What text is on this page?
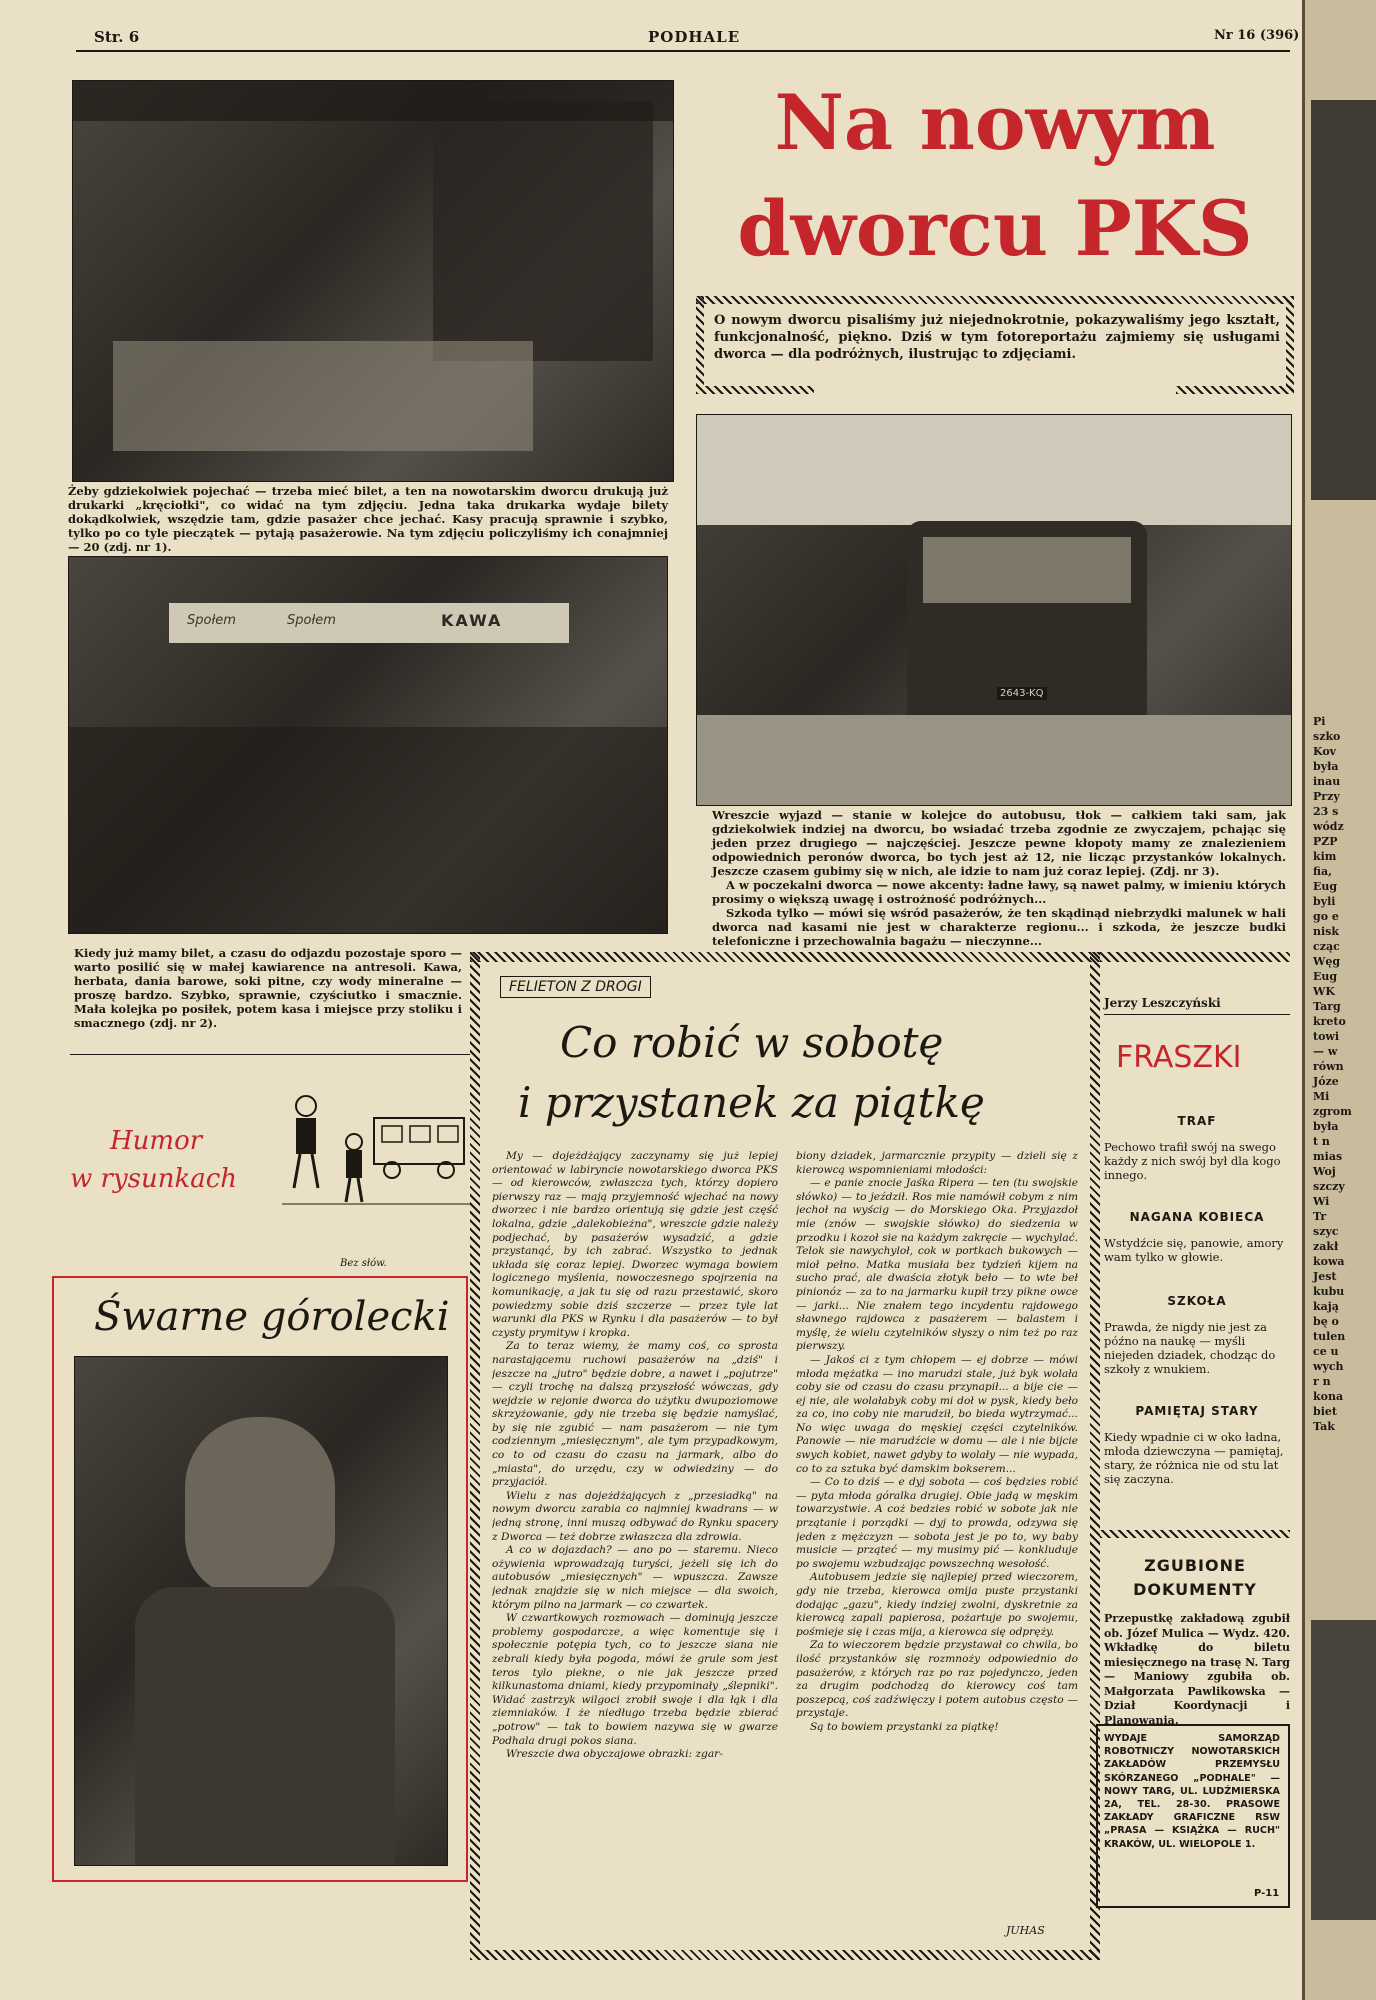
Str. 6	PODHALE	Nr 16 (396)
Żeby gdziekolwiek pojechać — trzeba mieć bilet, a ten na nowotarskim dworcu drukują już drukarki „kręciołki", co widać na tym zdjęciu. Jedna taka drukarka wydaje bilety dokądkolwiek, wszędzie tam, gdzie pasażer chce jechać. Kasy pracują sprawnie i szybko, tylko po co tyle pieczątek — pytają pasażerowie. Na tym zdjęciu policzyliśmy ich conajmniej — 20 (zdj. nr 1).
Społem	Społem	KAWA
Kiedy już mamy bilet, a czasu do odjazdu pozostaje sporo — warto posilić się w małej kawiarence na antresoli. Kawa, herbata, dania barowe, soki pitne, czy wody mineralne — proszę bardzo. Szybko, sprawnie, czyściutko i smacznie. Mała kolejka po posiłek, potem kasa i miejsce przy stoliku i smacznego (zdj. nr 2).
Na nowym
dworcu PKS
O nowym dworcu pisaliśmy już niejednokrotnie, pokazywaliśmy jego kształt, funkcjonalność, piękno. Dziś w tym fotoreportażu zajmiemy się usługami dworca — dla podróżnych, ilustrując to zdjęciami.
2643-KQ
Wreszcie wyjazd — stanie w kolejce do autobusu, tłok — całkiem taki sam, jak gdziekolwiek indziej na dworcu, bo wsiadać trzeba zgodnie ze zwyczajem, pchając się jeden przez drugiego — najczęściej. Jeszcze pewne kłopoty mamy ze znalezieniem odpowiednich peronów dworca, bo tych jest aż 12, nie licząc przystanków lokalnych. Jeszcze czasem gubimy się w nich, ale idzie to nam już coraz lepiej. (Zdj. nr 3).
A w poczekalni dworca — nowe akcenty: ładne ławy, są nawet palmy, w imieniu których prosimy o większą uwagę i ostrożność podróżnych...
Szkoda tylko — mówi się wśród pasażerów, że ten skądinąd niebrzydki malunek w hali dworca nad kasami nie jest w charakterze regionu... i szkoda, że jeszcze budki telefoniczne i przechowalnia bagażu — nieczynne...
Humor
w rysunkach
Bez słów.
Śwarne górolecki
FELIETON Z DROGI
Co robić w sobotę
i przystanek za piątkę

My — dojeżdżający zaczynamy się już lepiej orientować w labiryncie nowotarskiego dworca PKS — od kierowców, zwłaszcza tych, którzy dopiero pierwszy raz — mają przyjemność wjechać na nowy dworzec i nie bardzo orientują się gdzie jest część lokalna, gdzie „dalekobieżna", wreszcie gdzie należy podjechać, by pasażerów wysadzić, a gdzie przystanąć, by ich zabrać. Wszystko to jednak układa się coraz lepiej. Dworzec wymaga bowiem logicznego myślenia, nowoczesnego spojrzenia na komunikację, a jak tu się od razu przestawić, skoro powiedzmy sobie dziś szczerze — przez tyle lat warunki dla PKS w Rynku i dla pasażerów — to był czysty prymityw i kropka.

Za to teraz wiemy, że mamy coś, co sprosta narastającemu ruchowi pasażerów na „dziś" i jeszcze na „jutro" będzie dobre, a nawet i „pojutrze" — czyli trochę na dalszą przyszłość wówczas, gdy wejdzie w rejonie dworca do użytku dwupoziomowe skrzyżowanie, gdy nie trzeba się będzie namyślać, by się nie zgubić — nam pasażerom — nie tym codziennym „miesięcznym", ale tym przypadkowym, co to od czasu do czasu na jarmark, albo do „miasta", do urzędu, czy w odwiedziny — do przyjaciół.

Wielu z nas dojeżdżających z „przesiadką" na nowym dworcu zarabia co najmniej kwadrans — w jedną stronę, inni muszą odbywać do Rynku spacery z Dworca — też dobrze zwłaszcza dla zdrowia.

A co w dojazdach? — ano po — staremu. Nieco ożywienia wprowadzają turyści, jeżeli się ich do autobusów „miesięcznych" — wpuszcza. Zawsze jednak znajdzie się w nich miejsce — dla swoich, którym pilno na jarmark — co czwartek.

W czwartkowych rozmowach — dominują jeszcze problemy gospodarcze, a więc komentuje się i społecznie potępia tych, co to jeszcze siana nie zebrali kiedy była pogoda, mówi że grule som jest teros tylo piekne, o nie jak jeszcze przed kilkunastoma dniami, kiedy przypominały „ślepniki". Widać zastrzyk wilgoci zrobił swoje i dla łąk i dla ziemniaków. I że niedługo trzeba będzie zbierać „potrow" — tak to bowiem nazywa się w gwarze Podhala drugi pokos siana.

Wreszcie dwa obyczajowe obrazki: zgar-

biony dziadek, jarmarcznie przypity — dzieli się z kierowcą wspomnieniami młodości:

— e panie znocie Jaśka Ripera — ten (tu swojskie słówko) — to jeździł. Ros mie namówił cobym z nim jechoł na wyścig — do Morskiego Oka. Przyjazdoł mie (znów — swojskie słówko) do siedzenia w przodku i kozoł sie na każdym zakręcie — wychylać. Telok sie nawychyloł, cok w portkach bukowych — mioł pełno. Matka musiała bez tydzień kijem na sucho prać, ale dwaścia złotyk beło — to wte beł pinionóz — za to na jarmarku kupił trzy pikne owce — jarki... Nie znałem tego incydentu rajdowego sławnego rajdowca z pasażerem — balastem i myślę, że wielu czytelników słyszy o nim też po raz pierwszy.

— Jakoś ci z tym chłopem — ej dobrze — mówi młoda mężatka — ino marudzi stale, już byk wolała coby sie od czasu do czasu przynapił... a bije cie — ej nie, ale wolałabyk coby mi doł w pysk, kiedy beło za co, ino coby nie marudził, bo bieda wytrzymać... No więc uwaga do męskiej części czytelników. Panowie — nie marudźcie w domu — ale i nie bijcie swych kobiet, nawet gdyby to wolały — nie wypada, co to za sztuka być damskim bokserem...

— Co to dziś — e dyj sobota — coś będzies robić — pyta młoda góralka drugiej. Obie jadą w męskim towarzystwie. A coż bedzies robić w sobote jak nie przątanie i porządki — dyj to prowda, odzywa się jeden z mężczyzn — sobota jest je po to, wy baby musicie — prząteć — my musimy pić — konkluduje po swojemu wzbudzając powszechną wesołość.

Autobusem jedzie się najlepiej przed wieczorem, gdy nie trzeba, kierowca omija puste przystanki dodając „gazu", kiedy indziej zwolni, dyskretnie za kierowcą zapali papierosa, pożartuje po swojemu, pośmieje się i czas mija, a kierowca się odpręży.

Za to wieczorem będzie przystawał co chwila, bo ilość przystanków się rozmnoży odpowiednio do pasażerów, z których raz po raz pojedynczo, jeden za drugim podchodzą do kierowcy coś tam poszepcą, coś zadźwięczy i potem autobus często — przystaje.

Są to bowiem przystanki za piątkę!

JUHAS
Jerzy Leszczyński
FRASZKI
TRAF
Pechowo trafił swój na swego każdy z nich swój był dla kogo innego.
NAGANA KOBIECA
Wstydźcie się, panowie, amory wam tylko w głowie.
SZKOŁA
Prawda, że nigdy nie jest za późno na naukę — myśli niejeden dziadek, chodząc do szkoły z wnukiem.
PAMIĘTAJ STARY
Kiedy wpadnie ci w oko ładna, młoda dziewczyna — pamiętaj, stary, że różnica nie od stu lat się zaczyna.
ZGUBIONE
DOKUMENTY
Przepustkę zakładową zgubił ob. Józef Mulica — Wydz. 420. Wkładkę do biletu miesięcznego na trasę N. Targ — Maniowy zgubiła ob. Małgorzata Pawlikowska — Dział Koordynacji i Planowania.
WYDAJE SAMORZĄD ROBOTNICZY NOWOTARSKICH ZAKŁADÓW PRZEMYSŁU SKÓRZANEGO „PODHALE" — NOWY TARG, UL. LUDŹMIERSKA 2A, TEL. 28-30. PRASOWE ZAKŁADY GRAFICZNE RSW „PRASA — KSIĄŻKA — RUCH" KRAKÓW, UL. WIELOPOLE 1.
P-11
Pi
szko
Kov
była
inau
Przy
23 s
wódz
PZP
kim
fia,
Eug
byli
go e
nisk
cząc
Węg
Eug
WK
Targ
kreto
towi
— w
równ
Józe
Mi
zgrom
była
t n
mias
Woj
szczy
Wi
Tr
szyc
zakł
kowa
Jest
kubu
kają
bę o
tulen
ce u
wych
r n
kona
biet
Tak
